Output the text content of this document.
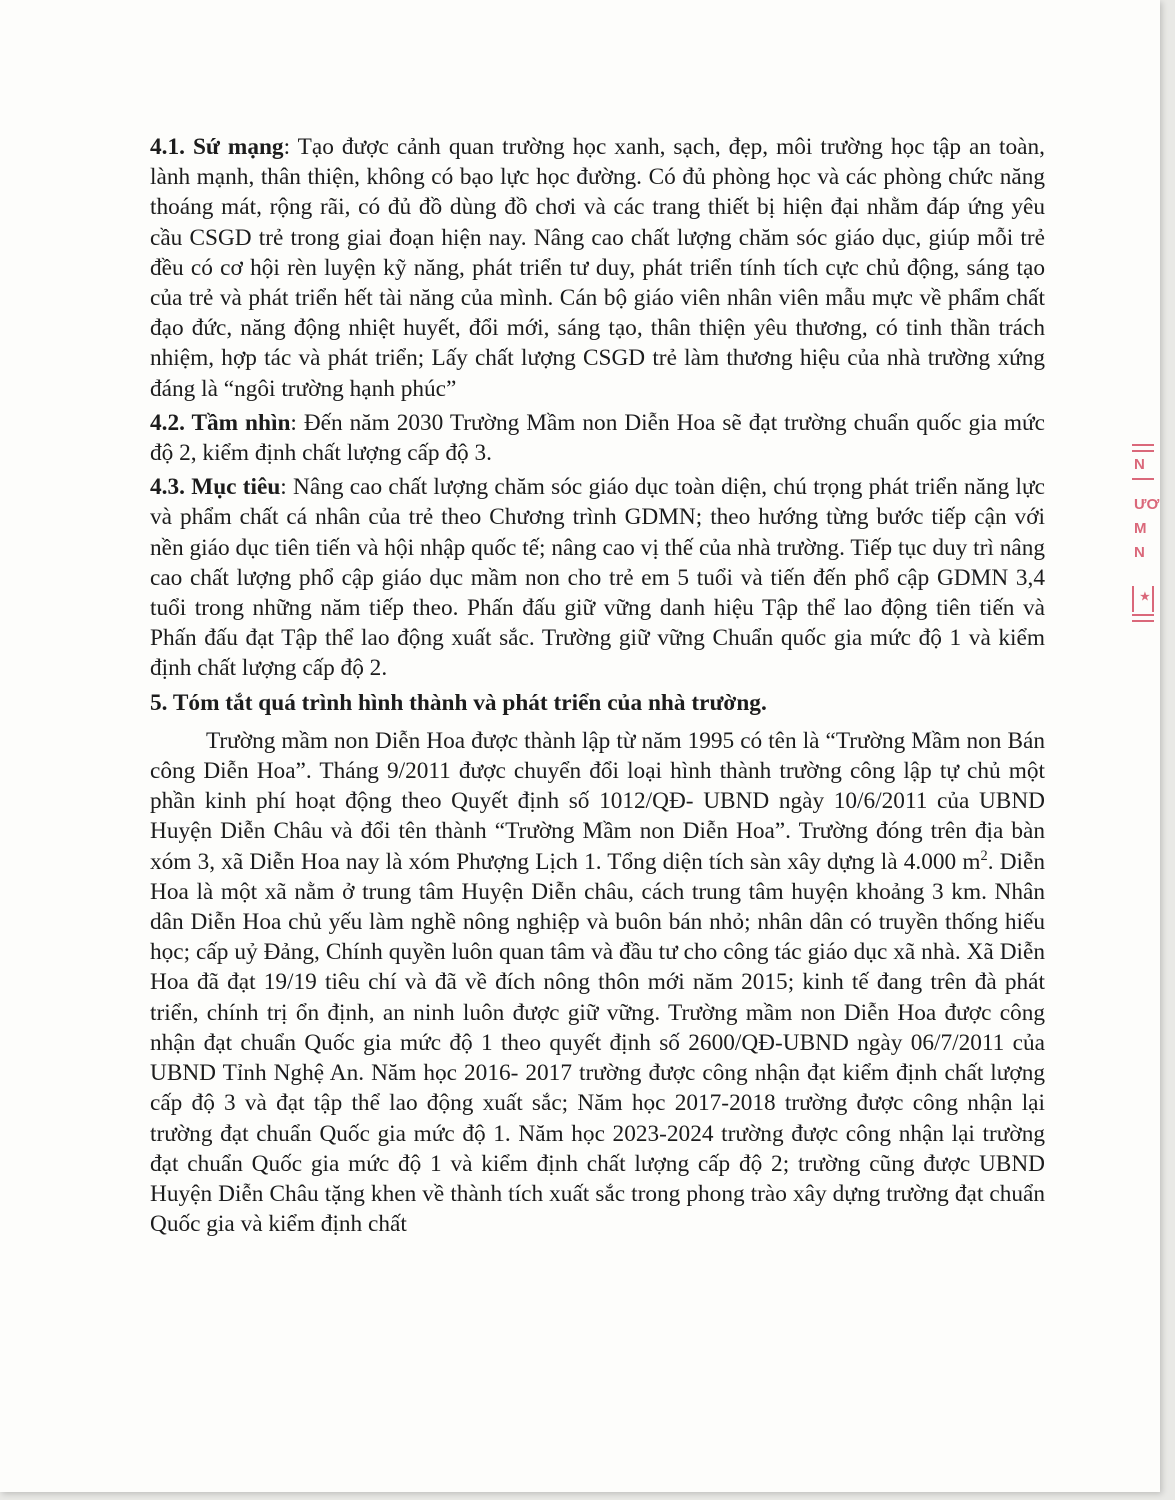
4.1. Sứ mạng: Tạo được cảnh quan trường học xanh, sạch, đẹp, môi trường học tập an toàn, lành mạnh, thân thiện, không có bạo lực học đường. Có đủ phòng học và các phòng chức năng thoáng mát, rộng rãi, có đủ đồ dùng đồ chơi và các trang thiết bị hiện đại nhằm đáp ứng yêu cầu CSGD trẻ trong giai đoạn hiện nay. Nâng cao chất lượng chăm sóc giáo dục, giúp mỗi trẻ đều có cơ hội rèn luyện kỹ năng, phát triển tư duy, phát triển tính tích cực chủ động, sáng tạo của trẻ và phát triển hết tài năng của mình. Cán bộ giáo viên nhân viên mẫu mực về phẩm chất đạo đức, năng động nhiệt huyết, đổi mới, sáng tạo, thân thiện yêu thương, có tinh thần trách nhiệm, hợp tác và phát triển; Lấy chất lượng CSGD trẻ làm thương hiệu của nhà trường xứng đáng là “ngôi trường hạnh phúc”

4.2. Tầm nhìn: Đến năm 2030 Trường Mầm non Diễn Hoa sẽ đạt trường chuẩn quốc gia mức độ 2, kiểm định chất lượng cấp độ 3.

4.3. Mục tiêu: Nâng cao chất lượng chăm sóc giáo dục toàn diện, chú trọng phát triển năng lực và phẩm chất cá nhân của trẻ theo Chương trình GDMN; theo hướng từng bước tiếp cận với nền giáo dục tiên tiến và hội nhập quốc tế; nâng cao vị thế của nhà trường. Tiếp tục duy trì nâng cao chất lượng phổ cập giáo dục mầm non cho trẻ em 5 tuổi và tiến đến phổ cập GDMN 3,4 tuổi trong những năm tiếp theo. Phấn đấu giữ vững danh hiệu Tập thể lao động tiên tiến và Phấn đấu đạt Tập thể lao động xuất sắc. Trường giữ vững Chuẩn quốc gia mức độ 1 và kiểm định chất lượng cấp độ 2.

5. Tóm tắt quá trình hình thành và phát triển của nhà trường.

Trường mầm non Diễn Hoa được thành lập từ năm 1995 có tên là “Trường Mầm non Bán công Diễn Hoa”. Tháng 9/2011 được chuyển đổi loại hình thành trường công lập tự chủ một phần kinh phí hoạt động theo Quyết định số 1012/QĐ- UBND ngày 10/6/2011 của UBND Huyện Diễn Châu và đổi tên thành “Trường Mầm non Diễn Hoa”. Trường đóng trên địa bàn xóm 3, xã Diễn Hoa nay là xóm Phượng Lịch 1. Tổng diện tích sàn xây dựng là 4.000 $m^2$. Diễn Hoa là một xã nằm ở trung tâm Huyện Diễn châu, cách trung tâm huyện khoảng 3 km. Nhân dân Diễn Hoa chủ yếu làm nghề nông nghiệp và buôn bán nhỏ; nhân dân có truyền thống hiếu học; cấp uỷ Đảng, Chính quyền luôn quan tâm và đầu tư cho công tác giáo dục xã nhà. Xã Diễn Hoa đã đạt 19/19 tiêu chí và đã về đích nông thôn mới năm 2015; kinh tế đang trên đà phát triển, chính trị ổn định, an ninh luôn được giữ vững. Trường mầm non Diễn Hoa được công nhận đạt chuẩn Quốc gia mức độ 1 theo quyết định số 2600/QĐ-UBND ngày 06/7/2011 của UBND Tỉnh Nghệ An. Năm học 2016- 2017 trường được công nhận đạt kiểm định chất lượng cấp độ 3 và đạt tập thể lao động xuất sắc; Năm học 2017-2018 trường được công nhận lại trường đạt chuẩn Quốc gia mức độ 1. Năm học 2023-2024 trường được công nhận lại trường đạt chuẩn Quốc gia mức độ 1 và kiểm định chất lượng cấp độ 2; trường cũng được UBND Huyện Diễn Châu tặng khen về thành tích xuất sắc trong phong trào xây dựng trường đạt chuẩn Quốc gia và kiểm định chất

N
ƯƠ
M
N
★
